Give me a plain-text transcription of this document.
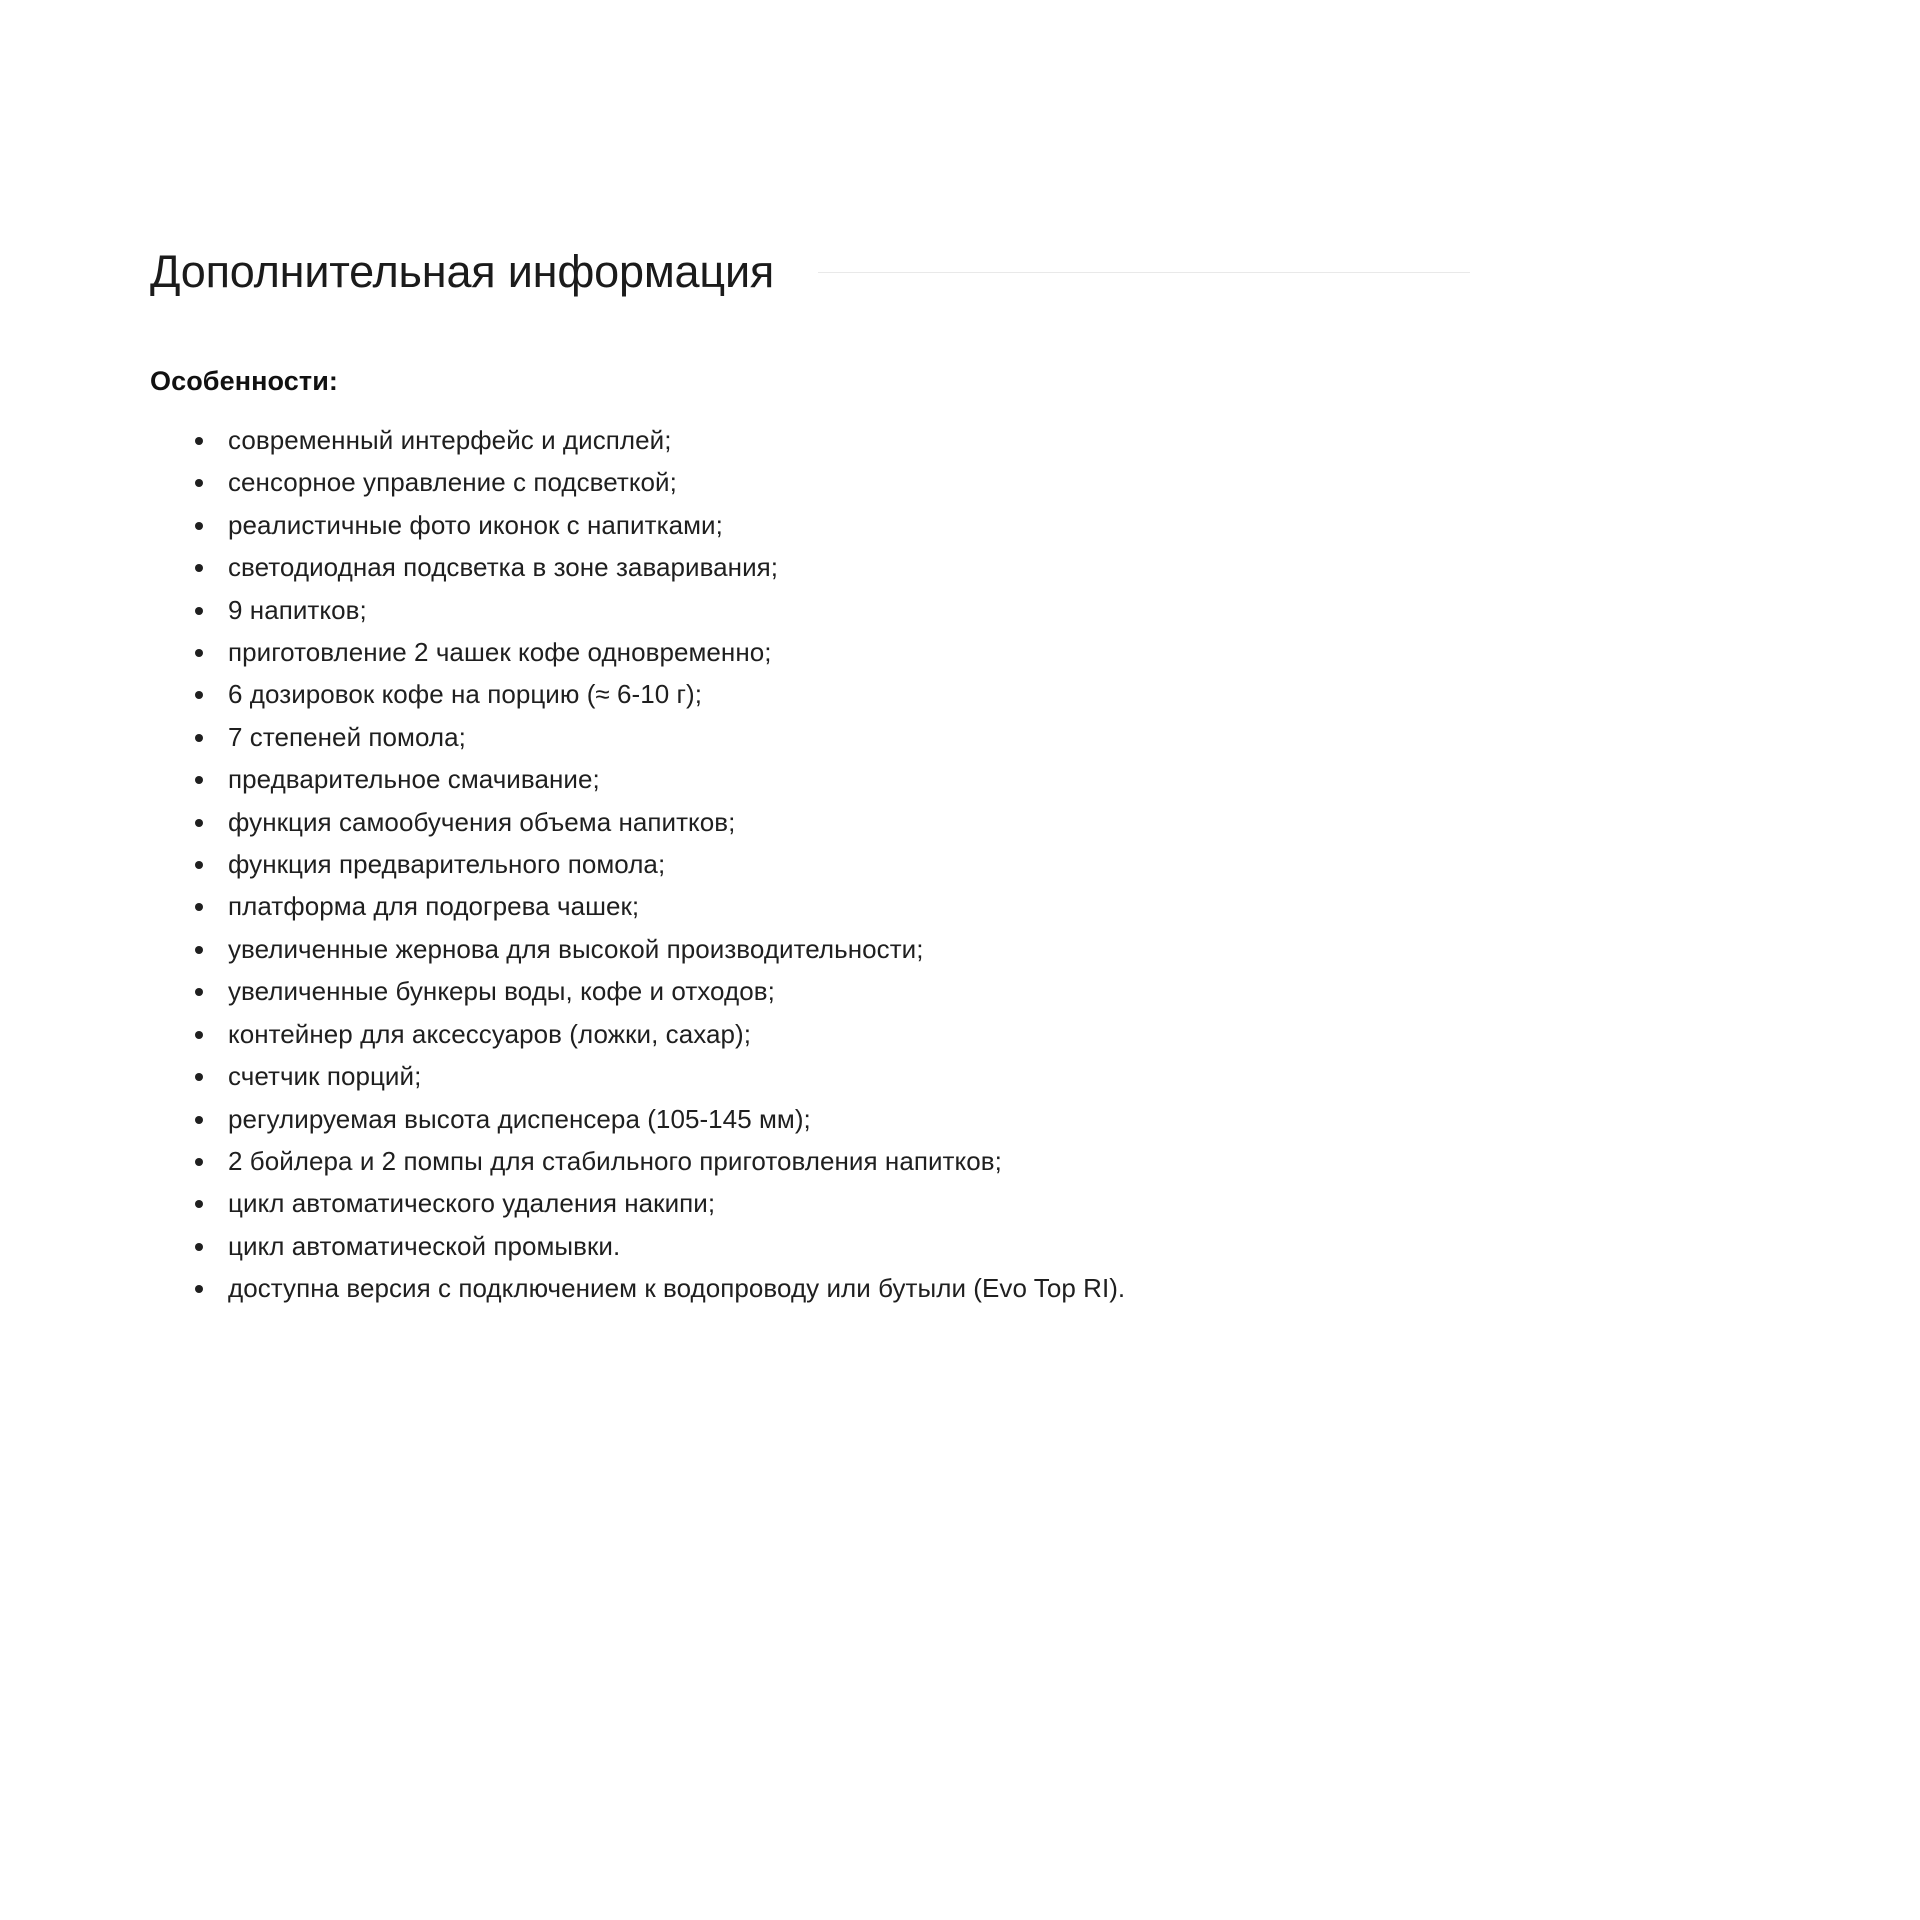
Дополнительная информация

Особенности:

современный интерфейс и дисплей;
сенсорное управление с подсветкой;
реалистичные фото иконок с напитками;
светодиодная подсветка в зоне заваривания;
9 напитков;
приготовление 2 чашек кофе одновременно;
6 дозировок кофе на порцию (≈ 6-10 г);
7 степеней помола;
предварительное смачивание;
функция самообучения объема напитков;
функция предварительного помола;
платформа для подогрева чашек;
увеличенные жернова для высокой производительности;
увеличенные бункеры воды, кофе и отходов;
контейнер для аксессуаров (ложки, сахар);
счетчик порций;
регулируемая высота диспенсера (105-145 мм);
2 бойлера и 2 помпы для стабильного приготовления напитков;
цикл автоматического удаления накипи;
цикл автоматической промывки.
доступна версия с подключением к водопроводу или бутыли (Evo Top RI).
